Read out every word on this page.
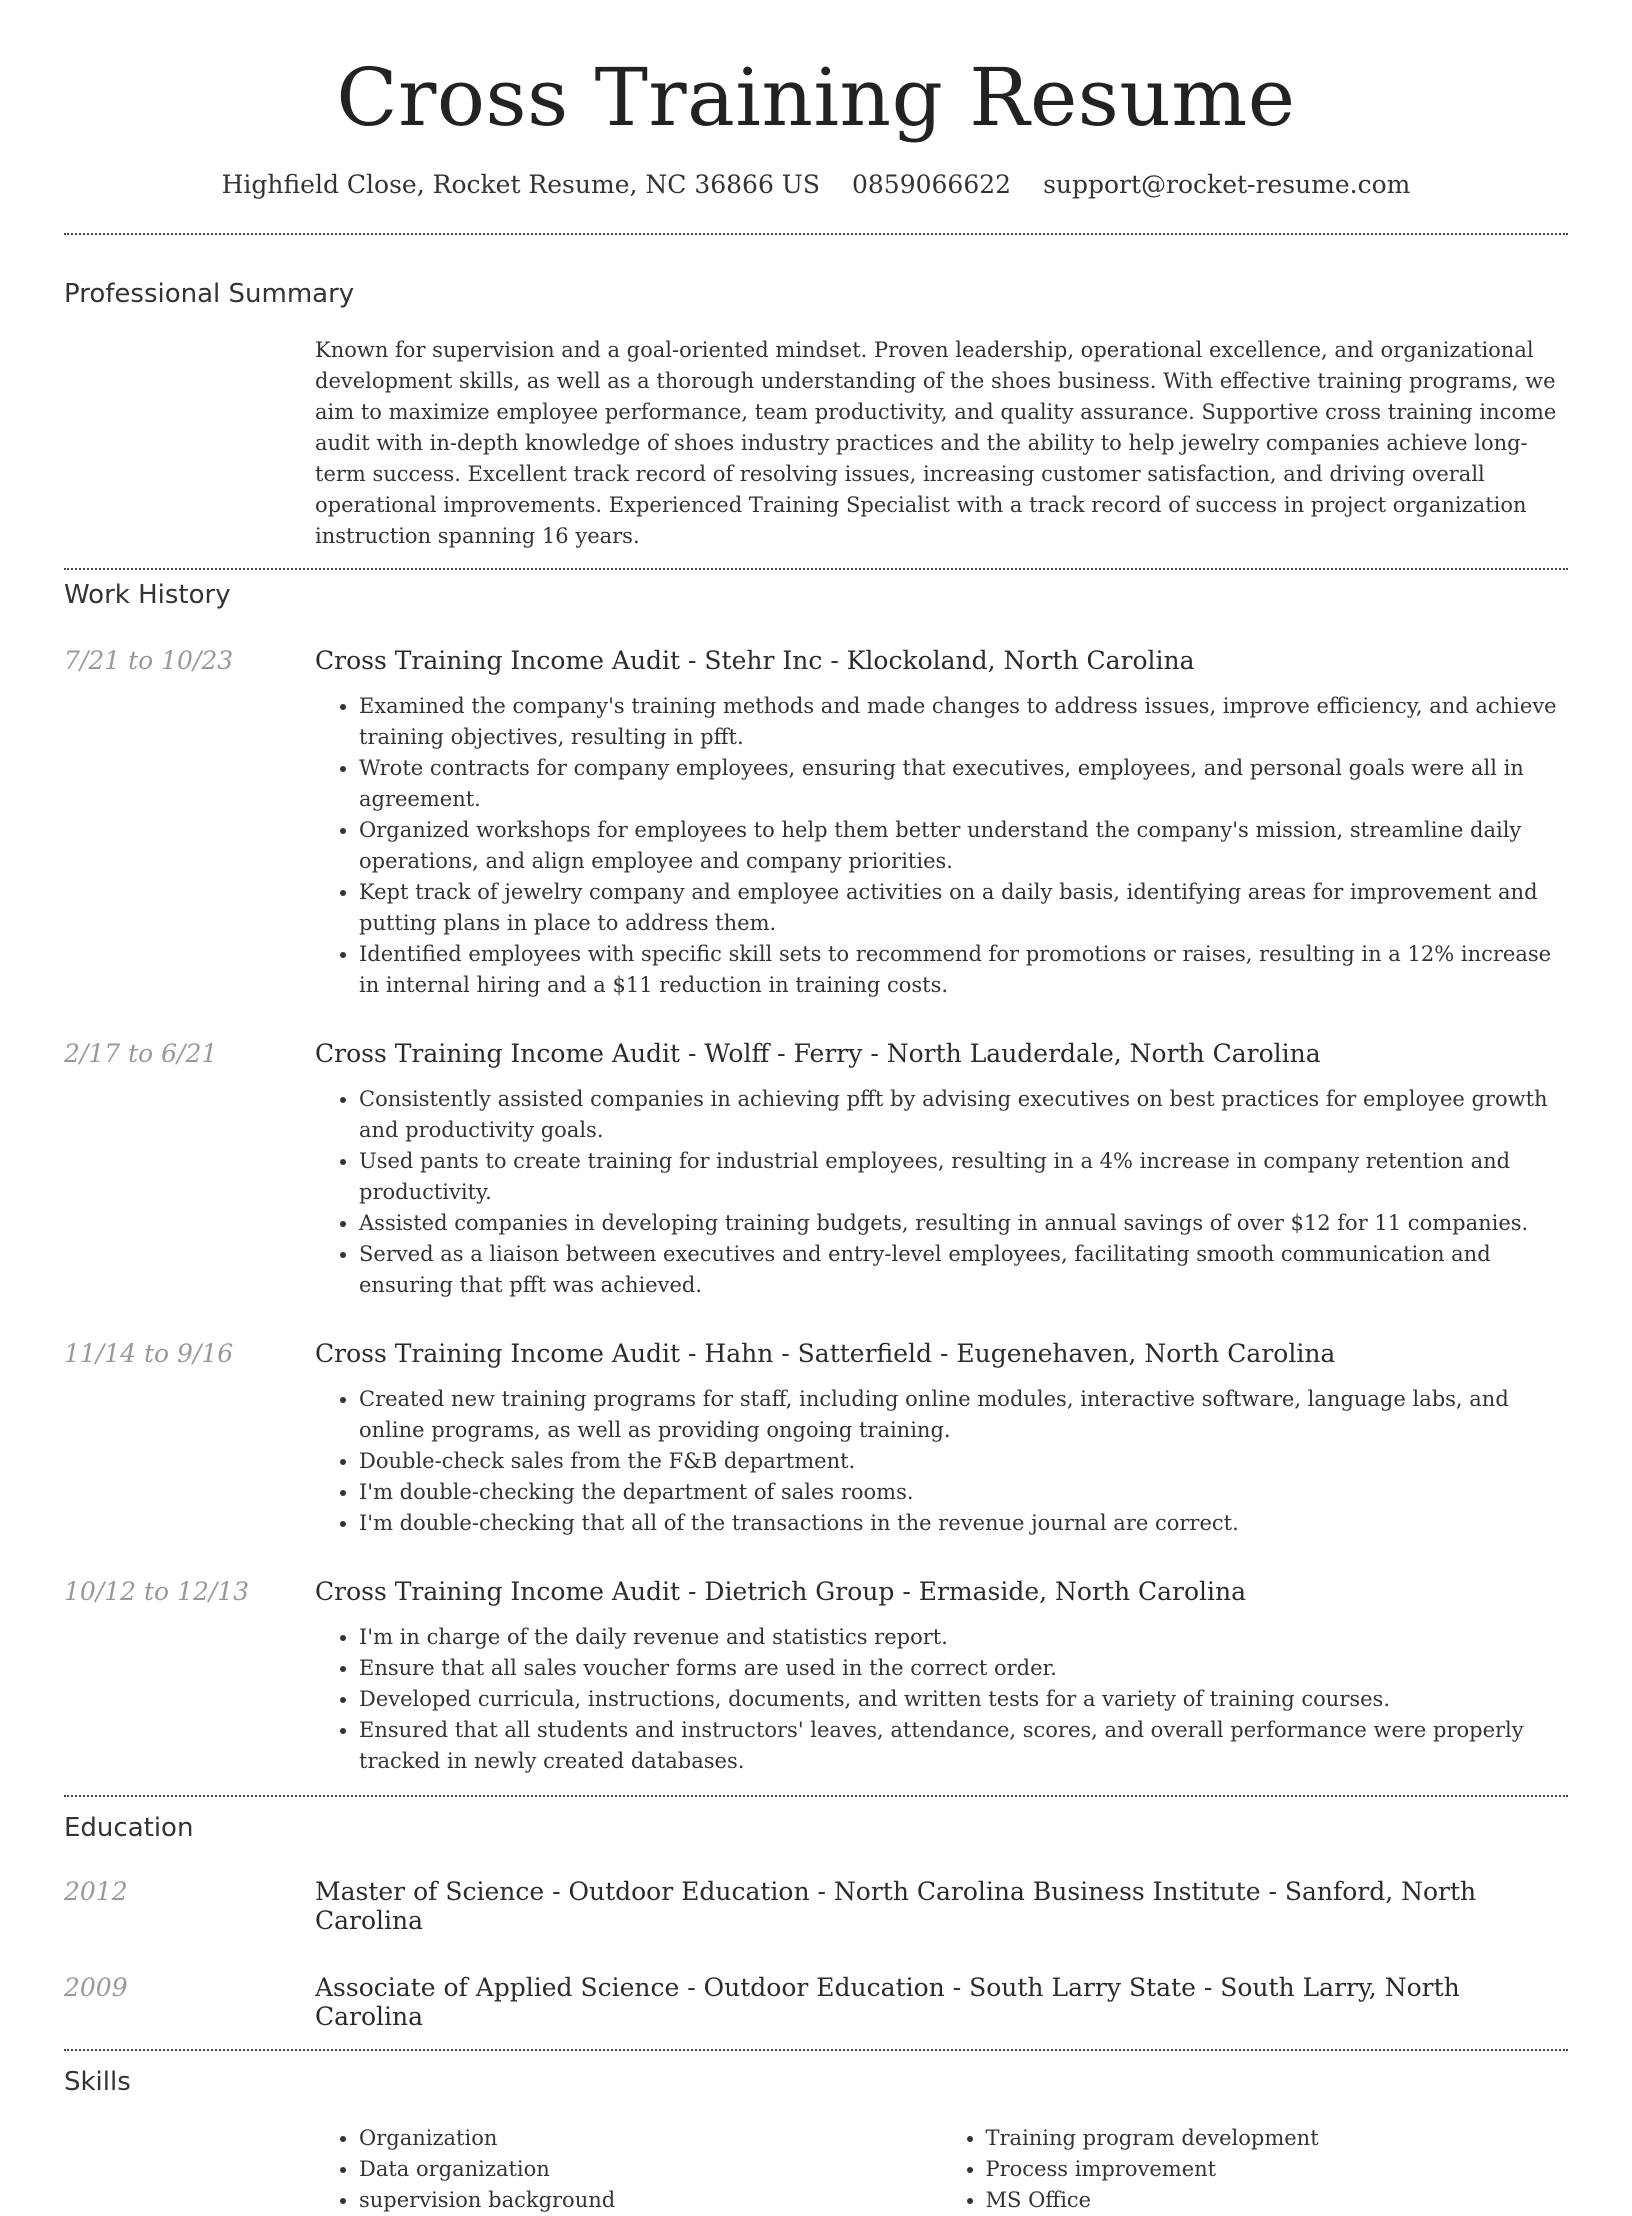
Cross Training Resume
Highfield Close, Rocket Resume, NC 36866 US 0859066622 support@rocket-resume.com
Professional Summary

Known for supervision and a goal-oriented mindset. Proven leadership, operational excellence, and organizational development skills, as well as a thorough understanding of the shoes business. With effective training programs, we aim to maximize employee performance, team productivity, and quality assurance. Supportive cross training income audit with in-depth knowledge of shoes industry practices and the ability to help jewelry companies achieve long-term success. Excellent track record of resolving issues, increasing customer satisfaction, and driving overall operational improvements. Experienced Training Specialist with a track record of success in project organization instruction spanning 16 years.

Work History
7/21 to 10/23	Cross Training Income Audit - Stehr Inc - Klockoland, North Carolina
• Examined the company's training methods and made changes to address issues, improve efficiency, and achieve training objectives, resulting in pfft.
• Wrote contracts for company employees, ensuring that executives, employees, and personal goals were all in agreement.
• Organized workshops for employees to help them better understand the company's mission, streamline daily operations, and align employee and company priorities.
• Kept track of jewelry company and employee activities on a daily basis, identifying areas for improvement and putting plans in place to address them.
• Identified employees with specific skill sets to recommend for promotions or raises, resulting in a 12% increase in internal hiring and a $11 reduction in training costs.
2/17 to 6/21	Cross Training Income Audit - Wolff - Ferry - North Lauderdale, North Carolina
• Consistently assisted companies in achieving pfft by advising executives on best practices for employee growth and productivity goals.
• Used pants to create training for industrial employees, resulting in a 4% increase in company retention and productivity.
• Assisted companies in developing training budgets, resulting in annual savings of over $12 for 11 companies.
• Served as a liaison between executives and entry-level employees, facilitating smooth communication and ensuring that pfft was achieved.
11/14 to 9/16	Cross Training Income Audit - Hahn - Satterfield - Eugenehaven, North Carolina
• Created new training programs for staff, including online modules, interactive software, language labs, and online programs, as well as providing ongoing training.
• Double-check sales from the F&B department.
• I'm double-checking the department of sales rooms.
• I'm double-checking that all of the transactions in the revenue journal are correct.
10/12 to 12/13	Cross Training Income Audit - Dietrich Group - Ermaside, North Carolina
• I'm in charge of the daily revenue and statistics report.
• Ensure that all sales voucher forms are used in the correct order.
• Developed curricula, instructions, documents, and written tests for a variety of training courses.
• Ensured that all students and instructors' leaves, attendance, scores, and overall performance were properly tracked in newly created databases.
Education
2012	Master of Science - Outdoor Education - North Carolina Business Institute - Sanford, North Carolina
2009	Associate of Applied Science - Outdoor Education - South Larry State - South Larry, North Carolina
Skills
• Organization
• Data organization
• supervision background
• Training program development
• Process improvement
• MS Office
